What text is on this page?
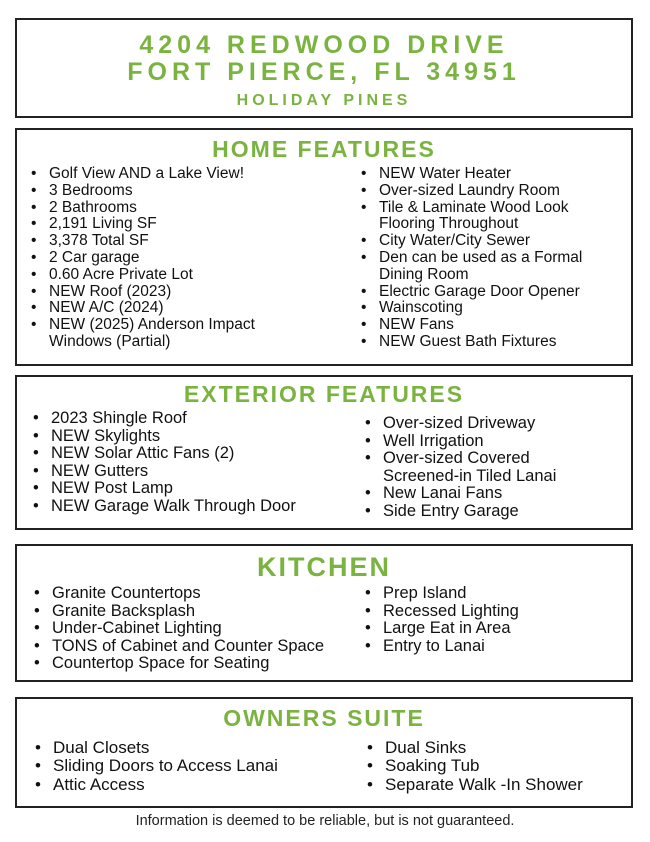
4204 REDWOOD DRIVE
FORT PIERCE, FL 34951
HOLIDAY PINES
HOME FEATURES
• Golf View AND a Lake View!
• 3 Bedrooms
• 2 Bathrooms
• 2,191 Living SF
• 3,378 Total SF
• 2 Car garage
• 0.60 Acre Private Lot
• NEW Roof (2023)
• NEW A/C (2024)
• NEW (2025) Anderson Impact Windows (Partial)
• NEW Water Heater
• Over-sized Laundry Room
• Tile & Laminate Wood Look Flooring Throughout
• City Water/City Sewer
• Den can be used as a Formal Dining Room
• Electric Garage Door Opener
• Wainscoting
• NEW Fans
• NEW Guest Bath Fixtures
EXTERIOR FEATURES
• 2023 Shingle Roof
• NEW Skylights
• NEW Solar Attic Fans (2)
• NEW Gutters
• NEW Post Lamp
• NEW Garage Walk Through Door
• Over-sized Driveway
• Well Irrigation
• Over-sized Covered Screened-in Tiled Lanai
• New Lanai Fans
• Side Entry Garage
KITCHEN
• Granite Countertops
• Granite Backsplash
• Under-Cabinet Lighting
• TONS of Cabinet and Counter Space
• Countertop Space for Seating
• Prep Island
• Recessed Lighting
• Large Eat in Area
• Entry to Lanai
OWNERS SUITE
• Dual Closets
• Sliding Doors to Access Lanai
• Attic Access
• Dual Sinks
• Soaking Tub
• Separate Walk -In Shower
Information is deemed to be reliable, but is not guaranteed.
